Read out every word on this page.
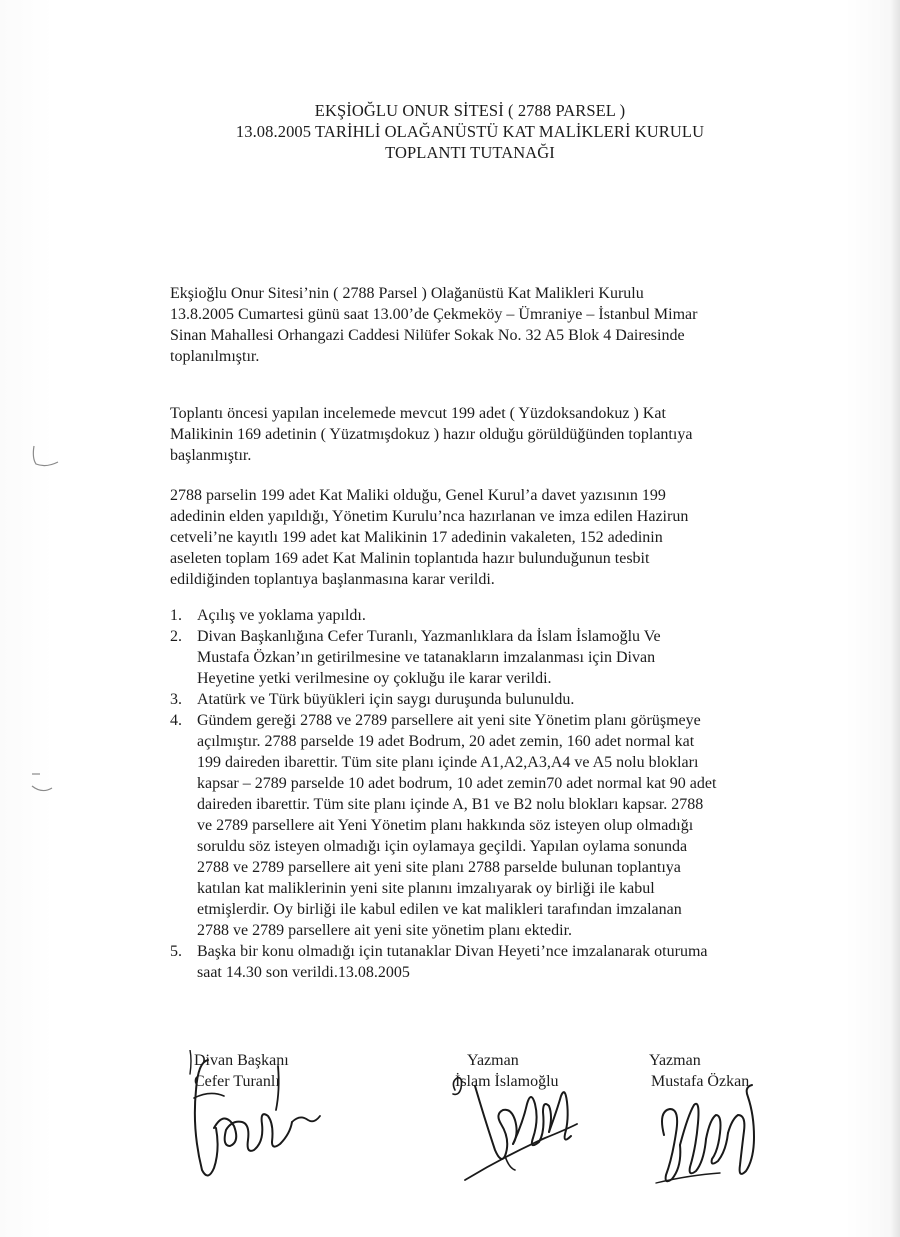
EKŞİOĞLU ONUR SİTESİ ( 2788 PARSEL )
13.08.2005 TARİHLİ OLAĞANÜSTÜ KAT MALİKLERİ KURULU
TOPLANTI TUTANAĞI
Ekşioğlu Onur Sitesi’nin ( 2788 Parsel ) Olağanüstü Kat Malikleri Kurulu
13.8.2005 Cumartesi günü saat 13.00’de Çekmeköy – Ümraniye – İstanbul Mimar
Sinan Mahallesi Orhangazi Caddesi Nilüfer Sokak No. 32 A5 Blok 4 Dairesinde
toplanılmıştır.
Toplantı öncesi yapılan incelemede mevcut 199 adet ( Yüzdoksandokuz ) Kat
Malikinin 169 adetinin ( Yüzatmışdokuz ) hazır olduğu görüldüğünden toplantıya
başlanmıştır.
2788 parselin 199 adet Kat Maliki olduğu, Genel Kurul’a davet yazısının 199
adedinin elden yapıldığı, Yönetim Kurulu’nca hazırlanan ve imza edilen Hazirun
cetveli’ne kayıtlı 199 adet kat Malikinin 17 adedinin vakaleten, 152 adedinin
aseleten toplam 169 adet Kat Malinin toplantıda hazır bulunduğunun tesbit
edildiğinden toplantıya başlanmasına karar verildi.
1. Açılış ve yoklama yapıldı.
2. Divan Başkanlığına Cefer Turanlı, Yazmanlıklara da İslam İslamoğlu Ve
Mustafa Özkan’ın getirilmesine ve tatanakların imzalanması için Divan
Heyetine yetki verilmesine oy çokluğu ile karar verildi.
3. Atatürk ve Türk büyükleri için saygı duruşunda bulunuldu.
4. Gündem gereği 2788 ve 2789 parsellere ait yeni site Yönetim planı görüşmeye
açılmıştır. 2788 parselde 19 adet Bodrum, 20 adet zemin, 160 adet normal kat
199 daireden ibarettir. Tüm site planı içinde A1,A2,A3,A4 ve A5 nolu blokları
kapsar – 2789 parselde 10 adet bodrum, 10 adet zemin70 adet normal kat 90 adet
daireden ibarettir. Tüm site planı içinde A, B1 ve B2 nolu blokları kapsar. 2788
ve 2789 parsellere ait Yeni Yönetim planı hakkında söz isteyen olup olmadığı
soruldu söz isteyen olmadığı için oylamaya geçildi. Yapılan oylama sonunda
2788 ve 2789 parsellere ait yeni site planı 2788 parselde bulunan toplantıya
katılan kat maliklerinin yeni site planını imzalıyarak oy birliği ile kabul
etmişlerdir. Oy birliği ile kabul edilen ve kat malikleri tarafından imzalanan
2788 ve 2789 parsellere ait yeni site yönetim planı ektedir.
5. Başka bir konu olmadığı için tutanaklar Divan Heyeti’nce imzalanarak oturuma
saat 14.30 son verildi.13.08.2005
Divan Başkanı
Cefer Turanlı
Yazman
İslam İslamoğlu
Yazman
Mustafa Özkan
